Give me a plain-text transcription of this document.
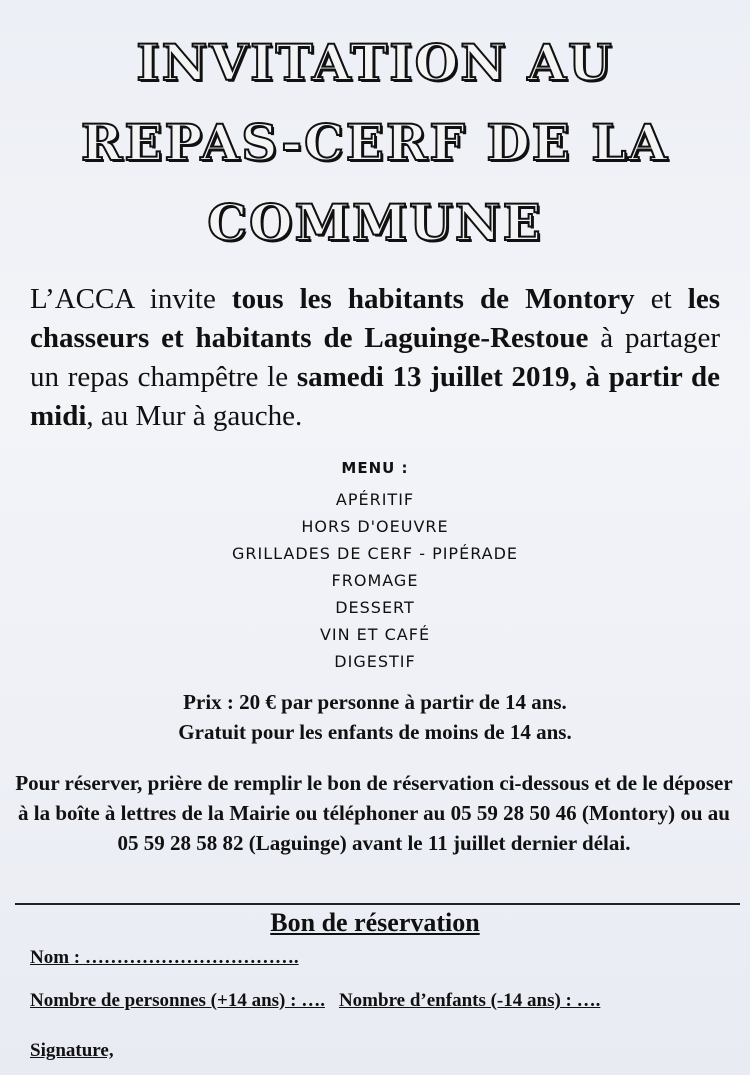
INVITATION AU
REPAS-CERF DE LA
COMMUNE

L’ACCA invite tous les habitants de Montory et les chasseurs et habitants de Laguinge-Restoue à partager un repas champêtre le samedi 13 juillet 2019, à partir de midi, au Mur à gauche.

MENU :
APÉRITIF
HORS D'OEUVRE
GRILLADES DE CERF - PIPÉRADE
FROMAGE
DESSERT
VIN ET CAFÉ
DIGESTIF

Prix : 20 € par personne à partir de 14 ans.

Gratuit pour les enfants de moins de 14 ans.

Pour réserver, prière de remplir le bon de réservation ci-dessous et de le déposer à la boîte à lettres de la Mairie ou téléphoner au 05 59 28 50 46 (Montory) ou au 05 59 28 58 82 (Laguinge) avant le 11 juillet dernier délai.

Bon de réservation

Nom : …………………………….

Nombre de personnes (+14 ans) : …. Nombre d’enfants (-14 ans) : ….

Signature,
